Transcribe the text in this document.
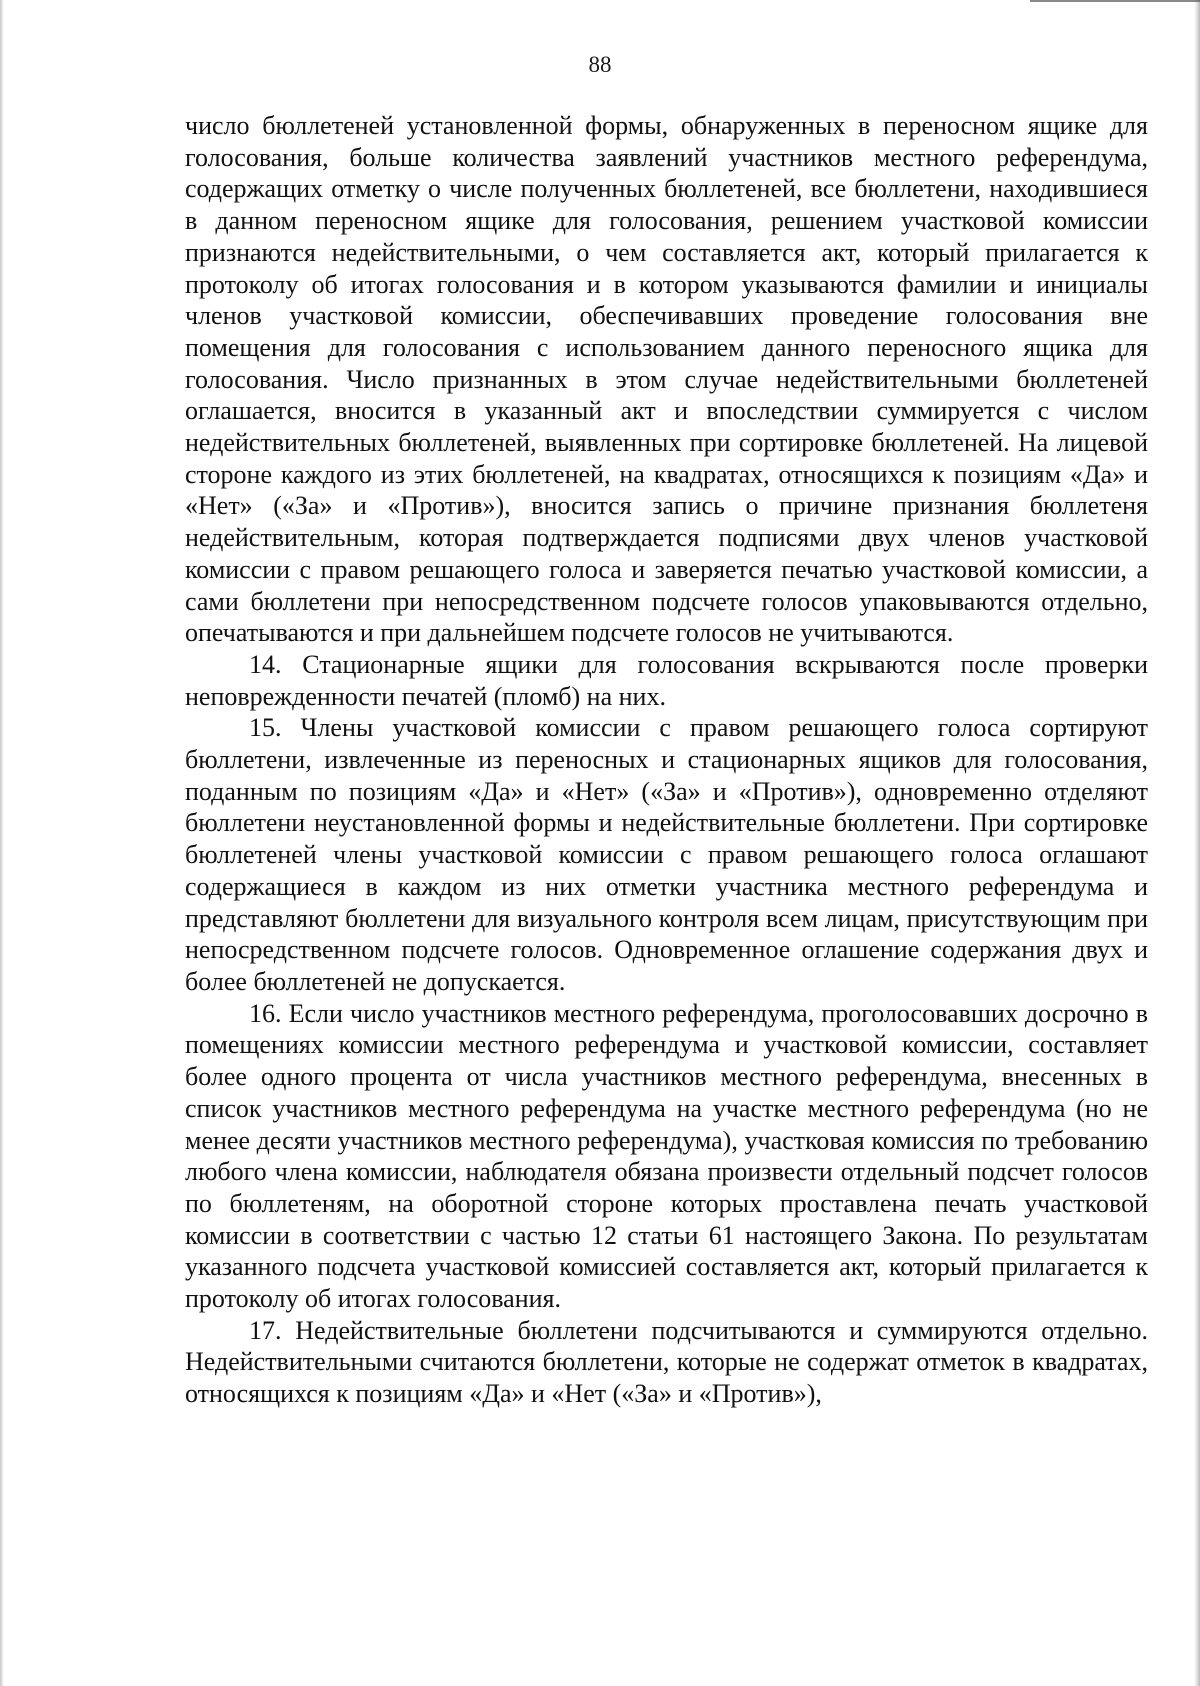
88

число бюллетеней установленной формы, обнаруженных в переносном ящике для голосования, больше количества заявлений участников местного референдума, содержащих отметку о числе полученных бюллетеней, все бюллетени, находившиеся в данном переносном ящике для голосования, решением участковой комиссии признаются недействительными, о чем составляется акт, который прилагается к протоколу об итогах голосования и в котором указываются фамилии и инициалы членов участковой комиссии, обеспечивавших проведение голосования вне помещения для голосования с использованием данного переносного ящика для голосования. Число признанных в этом случае недействительными бюллетеней оглашается, вносится в указанный акт и впоследствии суммируется с числом недействительных бюллетеней, выявленных при сортировке бюллетеней. На лицевой стороне каждого из этих бюллетеней, на квадратах, относящихся к позициям «Да» и «Нет» («За» и «Против»), вносится запись о причине признания бюллетеня недействительным, которая подтверждается подписями двух членов участковой комиссии с правом решающего голоса и заверяется печатью участковой комиссии, а сами бюллетени при непосредственном подсчете голосов упаковываются отдельно, опечатываются и при дальнейшем подсчете голосов не учитываются.

14. Стационарные ящики для голосования вскрываются после проверки неповрежденности печатей (пломб) на них.

15. Члены участковой комиссии с правом решающего голоса сортируют бюллетени, извлеченные из переносных и стационарных ящиков для голосования, поданным по позициям «Да» и «Нет» («За» и «Против»), одновременно отделяют бюллетени неустановленной формы и недействительные бюллетени. При сортировке бюллетеней члены участковой комиссии с правом решающего голоса оглашают содержащиеся в каждом из них отметки участника местного референдума и представляют бюллетени для визуального контроля всем лицам, присутствующим при непосредственном подсчете голосов. Одновременное оглашение содержания двух и более бюллетеней не допускается.

16. Если число участников местного референдума, проголосовавших досрочно в помещениях комиссии местного референдума и участковой комиссии, составляет более одного процента от числа участников местного референдума, внесенных в список участников местного референдума на участке местного референдума (но не менее десяти участников местного референдума), участковая комиссия по требованию любого члена комиссии, наблюдателя обязана произвести отдельный подсчет голосов по бюллетеням, на оборотной стороне которых проставлена печать участковой комиссии в соответствии с частью 12 статьи 61 настоящего Закона. По результатам указанного подсчета участковой комиссией составляется акт, который прилагается к протоколу об итогах голосования.

17. Недействительные бюллетени подсчитываются и суммируются отдельно. Недействительными считаются бюллетени, которые не содержат отметок в квадратах, относящихся к позициям «Да» и «Нет («За» и «Против»),
